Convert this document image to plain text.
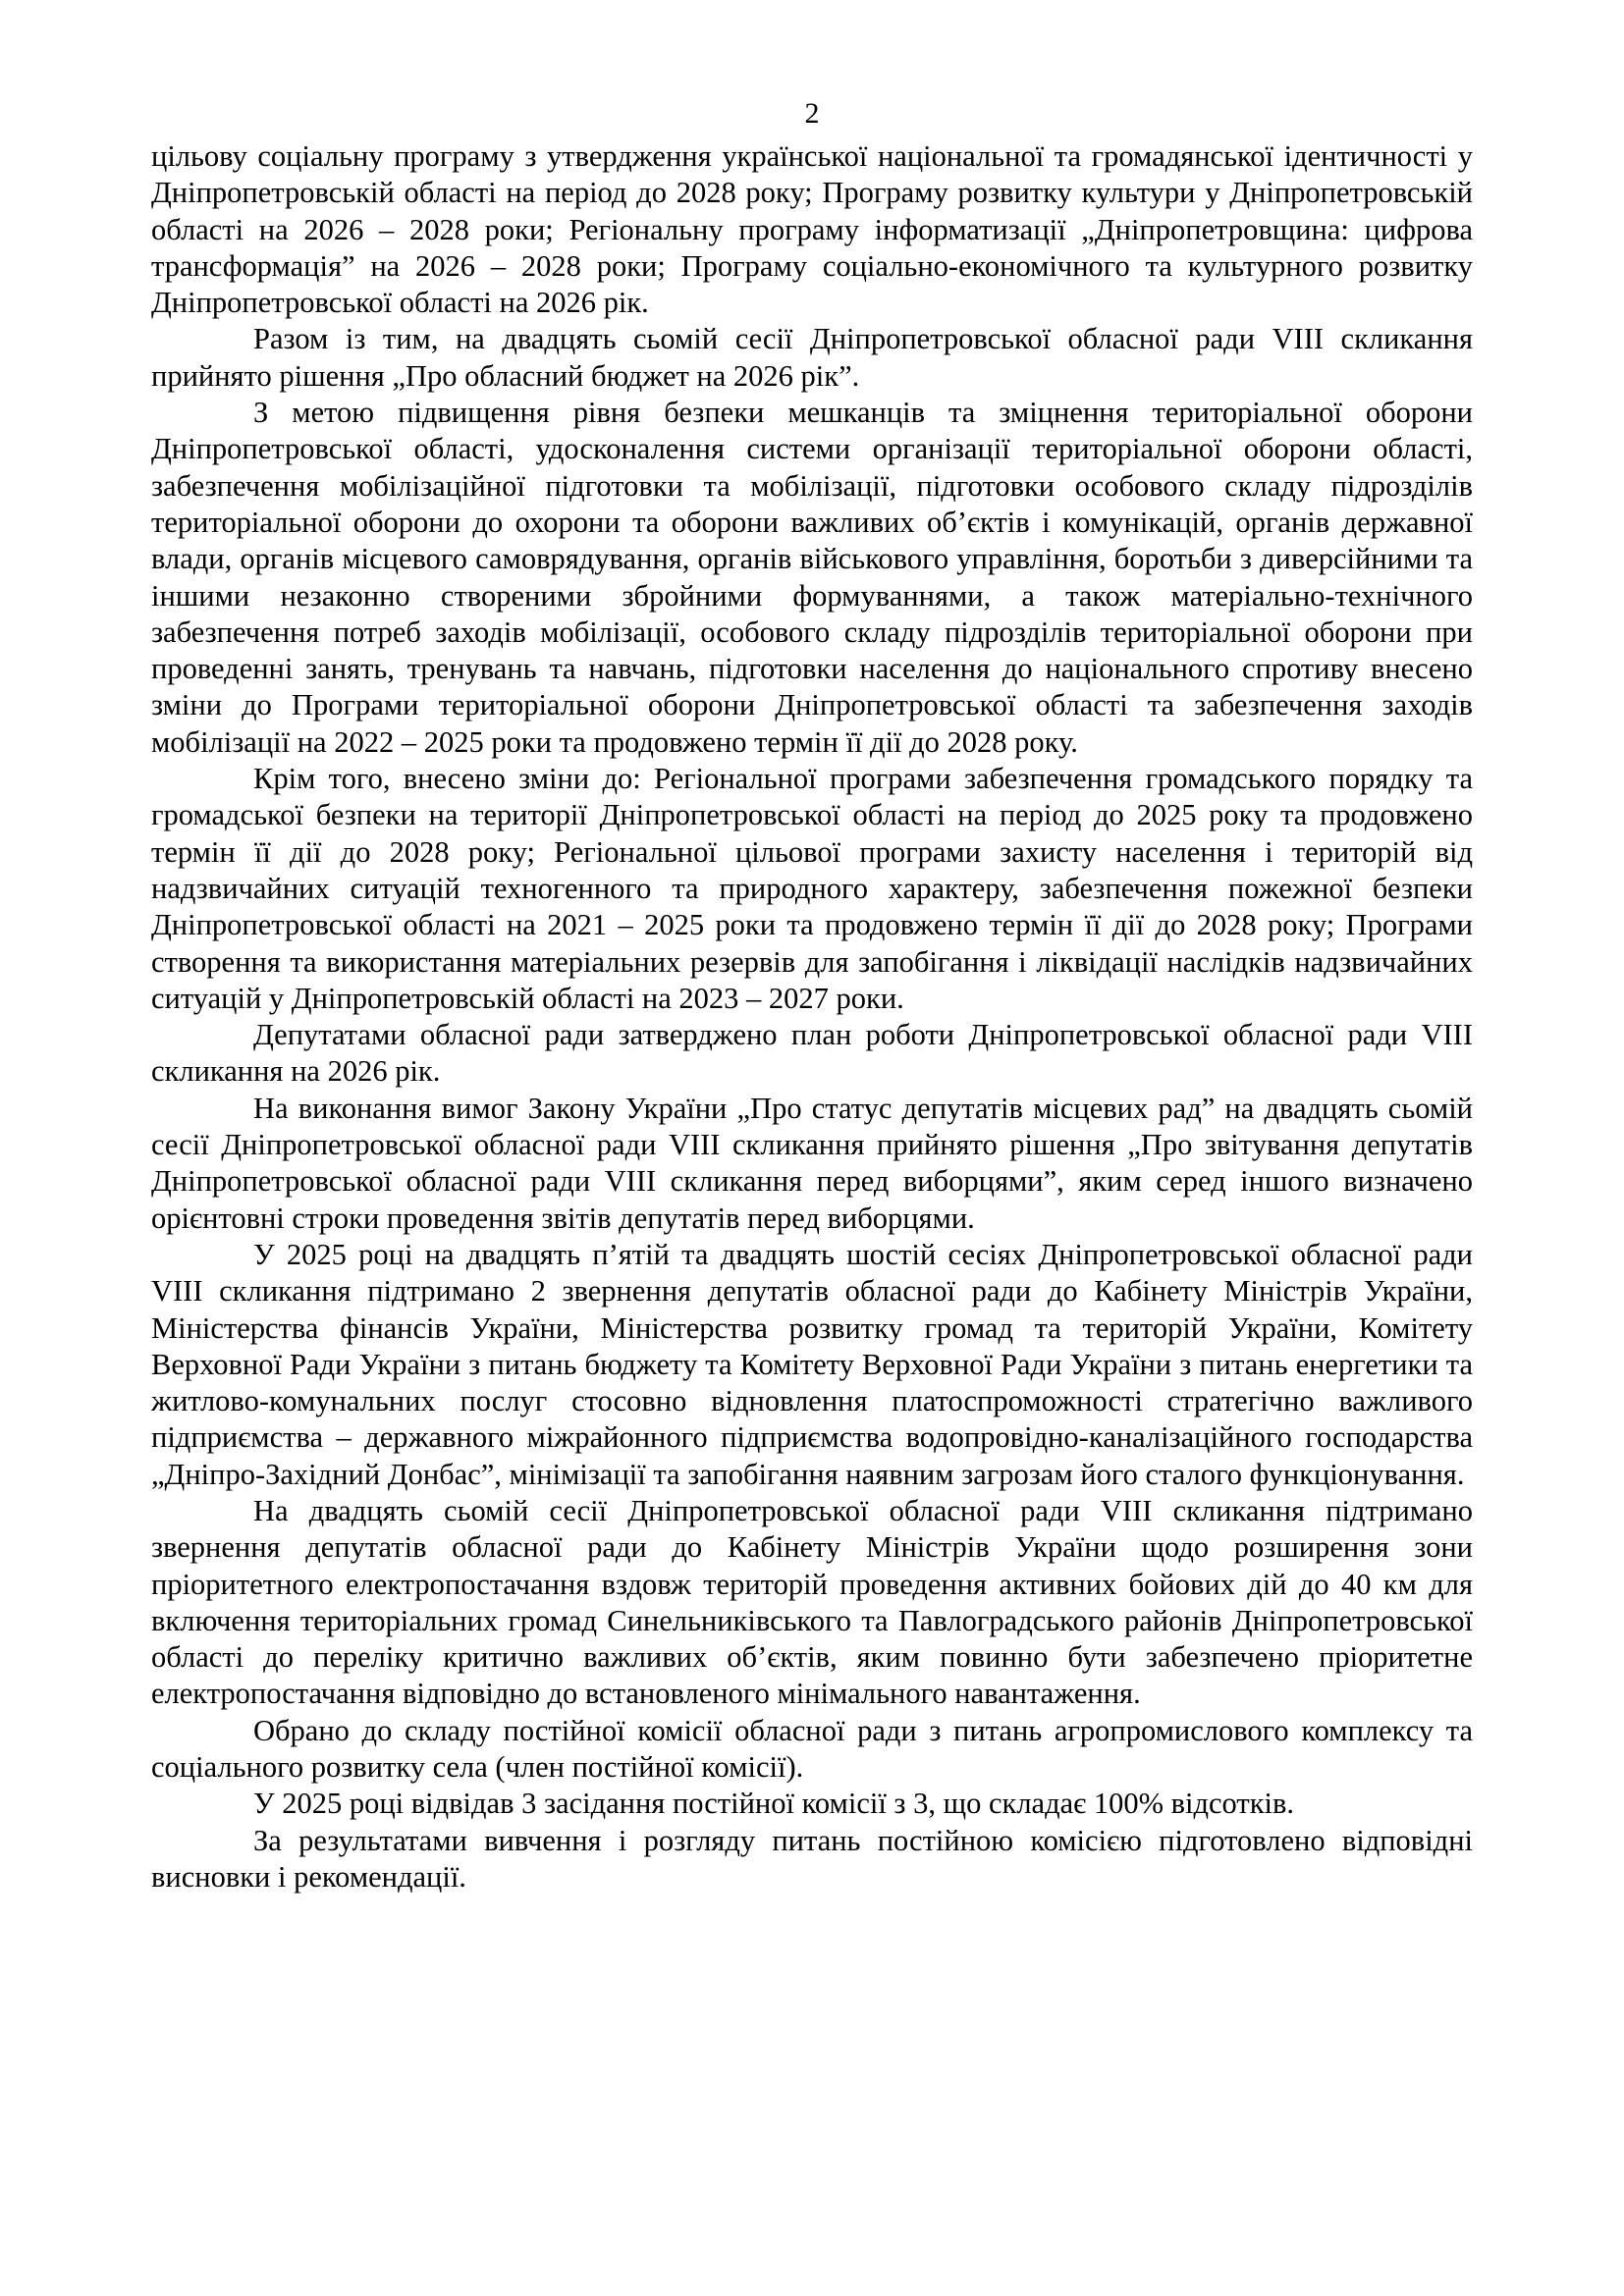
2

цільову соціальну програму з утвердження української національної та громадянської ідентичності у Дніпропетровській області на період до 2028 року; Програму розвитку культури у Дніпропетровській області на 2026 – 2028 роки; Регіональну програму інформатизації „Дніпропетровщина: цифрова трансформація” на 2026 – 2028 роки; Програму соціально-економічного та культурного розвитку Дніпропетровської області на 2026 рік.

Разом із тим, на двадцять сьомій сесії Дніпропетровської обласної ради VIII скликання прийнято рішення „Про обласний бюджет на 2026 рік”.

З метою підвищення рівня безпеки мешканців та зміцнення територіальної оборони Дніпропетровської області, удосконалення системи організації територіальної оборони області, забезпечення мобілізаційної підготовки та мобілізації, підготовки особового складу підрозділів територіальної оборони до охорони та оборони важливих об’єктів і комунікацій, органів державної влади, органів місцевого самоврядування, органів військового управління, боротьби з диверсійними та іншими незаконно створеними збройними формуваннями, а також матеріально-технічного забезпечення потреб заходів мобілізації, особового складу підрозділів територіальної оборони при проведенні занять, тренувань та навчань, підготовки населення до національного спротиву внесено зміни до Програми територіальної оборони Дніпропетровської області та забезпечення заходів мобілізації на 2022 – 2025 роки та продовжено термін її дії до 2028 року.

Крім того, внесено зміни до: Регіональної програми забезпечення громадського порядку та громадської безпеки на території Дніпропетровської області на період до 2025 року та продовжено термін її дії до 2028 року; Регіональної цільової програми захисту населення і територій від надзвичайних ситуацій техногенного та природного характеру, забезпечення пожежної безпеки Дніпропетровської області на 2021 – 2025 роки та продовжено термін її дії до 2028 року; Програми створення та використання матеріальних резервів для запобігання і ліквідації наслідків надзвичайних ситуацій у Дніпропетровській області на 2023 – 2027 роки.

Депутатами обласної ради затверджено план роботи Дніпропетровської обласної ради VIII скликання на 2026 рік.

На виконання вимог Закону України „Про статус депутатів місцевих рад” на двадцять сьомій сесії Дніпропетровської обласної ради VIII скликання прийнято рішення „Про звітування депутатів Дніпропетровської обласної ради VIII скликання перед виборцями”, яким серед іншого визначено орієнтовні строки проведення звітів депутатів перед виборцями.

У 2025 році на двадцять п’ятій та двадцять шостій сесіях Дніпропетровської обласної ради VIII скликання підтримано 2 звернення депутатів обласної ради до Кабінету Міністрів України, Міністерства фінансів України, Міністерства розвитку громад та територій України, Комітету Верховної Ради України з питань бюджету та Комітету Верховної Ради України з питань енергетики та житлово-комунальних послуг стосовно відновлення платоспроможності стратегічно важливого підприємства – державного міжрайонного підприємства водопровідно-каналізаційного господарства „Дніпро-Західний Донбас”, мінімізації та запобігання наявним загрозам його сталого функціонування.

На двадцять сьомій сесії Дніпропетровської обласної ради VIII скликання підтримано звернення депутатів обласної ради до Кабінету Міністрів України щодо розширення зони пріоритетного електропостачання вздовж територій проведення активних бойових дій до 40 км для включення територіальних громад Синельниківського та Павлоградського районів Дніпропетровської області до переліку критично важливих об’єктів, яким повинно бути забезпечено пріоритетне електропостачання відповідно до встановленого мінімального навантаження.

Обрано до складу постійної комісії обласної ради з питань агропромислового комплексу та соціального розвитку села (член постійної комісії).

У 2025 році відвідав 3 засідання постійної комісії з 3, що складає 100% відсотків.

За результатами вивчення і розгляду питань постійною комісією підготовлено відповідні висновки і рекомендації.
